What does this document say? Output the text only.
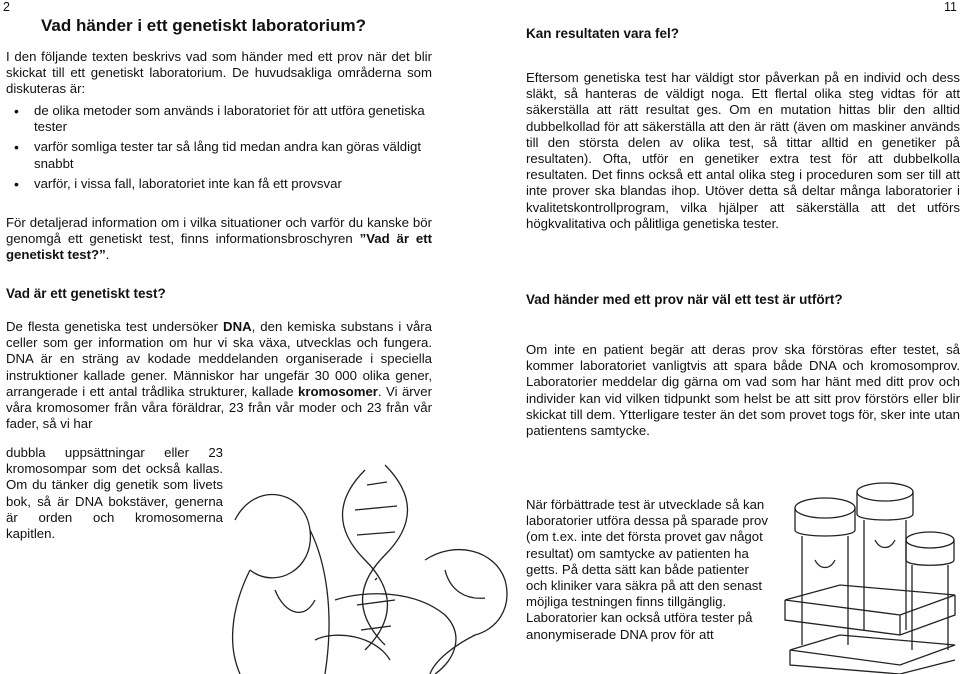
2	11
Vad händer i ett genetiskt laboratorium?

I den följande texten beskrivs vad som händer med ett prov när det blir skickat till ett genetiskt laboratorium. De huvudsakliga områderna som diskuteras är:

• de olika metoder som används i laboratoriet för att utföra genetiska tester
• varför somliga tester tar så lång tid medan andra kan göras väldigt snabbt
• varför, i vissa fall, laboratoriet inte kan få ett provsvar

För detaljerad information om i vilka situationer och varför du kanske bör genomgå ett genetiskt test, finns informationsbroschyren ”Vad är ett genetiskt test?”.

Vad är ett genetiskt test?

De flesta genetiska test undersöker DNA, den kemiska substans i våra celler som ger information om hur vi ska växa, utvecklas och fungera. DNA är en sträng av kodade meddelanden organiserade i speciella instruktioner kallade gener. Människor har ungefär 30 000 olika gener, arrangerade i ett antal trådlika strukturer, kallade kromosomer. Vi ärver våra kromosomer från våra föräldrar, 23 från vår moder och 23 från vår fader, så vi har

dubbla uppsättningar eller 23 kromosompar som det också kallas. Om du tänker dig genetik som livets bok, så är DNA bokstäver, generna är orden och kromosomerna kapitlen.

Kan resultaten vara fel?

Eftersom genetiska test har väldigt stor påverkan på en individ och dess släkt, så hanteras de väldigt noga. Ett flertal olika steg vidtas för att säkerställa att rätt resultat ges. Om en mutation hittas blir den alltid dubbelkollad för att säkerställa att den är rätt (även om maskiner används till den största delen av olika test, så tittar alltid en genetiker på resultaten). Ofta, utför en genetiker extra test för att dubbelkolla resultaten. Det finns också ett antal olika steg i proceduren som ser till att inte prover ska blandas ihop. Utöver detta så deltar många laboratorier i kvalitetskontrollprogram, vilka hjälper att säkerställa att det utförs högkvalitativa och pålitliga genetiska tester.

Vad händer med ett prov när väl ett test är utfört?

Om inte en patient begär att deras prov ska förstöras efter testet, så kommer laboratoriet vanligtvis att spara både DNA och kromosomprov. Laboratorier meddelar dig gärna om vad som har hänt med ditt prov och individer kan vid vilken tidpunkt som helst be att sitt prov förstörs eller blir skickat till dem. Ytterligare tester än det som provet togs för, sker inte utan patientens samtycke.

När förbättrade test är utvecklade så kan laboratorier utföra dessa på sparade prov (om t.ex. inte det första provet gav något resultat) om samtycke av patienten ha getts. På detta sätt kan både patienter och kliniker vara säkra på att den senast möjliga testningen finns tillgänglig. Laboratorier kan också utföra tester på anonymiserade DNA prov för att
